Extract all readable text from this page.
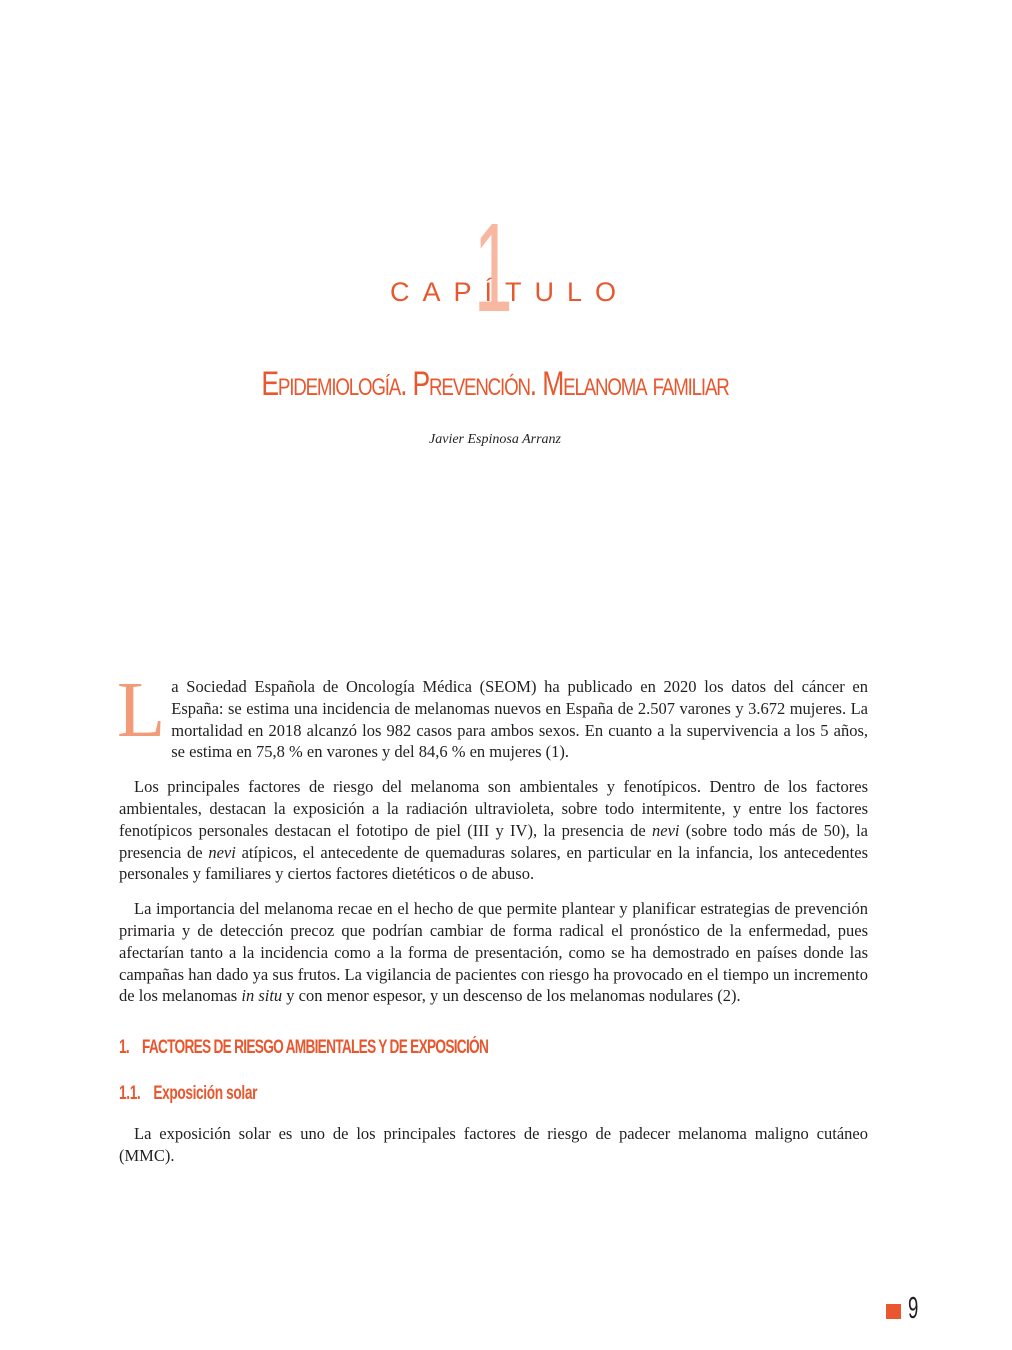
1
CAPÍTULO
Epidemiología. Prevención. Melanoma familiar
Javier Espinosa Arranz

La Sociedad Española de Oncología Médica (SEOM) ha publicado en 2020 los datos del cáncer en España: se estima una incidencia de melanomas nuevos en España de 2.507 varones y 3.672 mujeres. La mortalidad en 2018 alcanzó los 982 casos para ambos sexos. En cuanto a la supervivencia a los 5 años, se estima en 75,8 % en varones y del 84,6 % en mujeres (1).

Los principales factores de riesgo del melanoma son ambientales y fenotípicos. Dentro de los factores ambientales, destacan la exposición a la radiación ultravioleta, sobre todo intermitente, y entre los factores fenotípicos personales destacan el fototipo de piel (III y IV), la presencia de nevi (sobre todo más de 50), la presencia de nevi atípicos, el antecedente de quemaduras solares, en particular en la infancia, los antecedentes personales y familiares y ciertos factores dietéticos o de abuso.

La importancia del melanoma recae en el hecho de que permite plantear y planificar estrategias de prevención primaria y de detección precoz que podrían cambiar de forma radical el pronóstico de la enfermedad, pues afectarían tanto a la incidencia como a la forma de presentación, como se ha demostrado en países donde las campañas han dado ya sus frutos. La vigilancia de pacientes con riesgo ha provocado en el tiempo un incremento de los melanomas in situ y con menor espesor, y un descenso de los melanomas nodulares (2).

1. FACTORES DE RIESGO AMBIENTALES Y DE EXPOSICIÓN
1.1. Exposición solar

La exposición solar es uno de los principales factores de riesgo de padecer melanoma maligno cutáneo (MMC).

9
